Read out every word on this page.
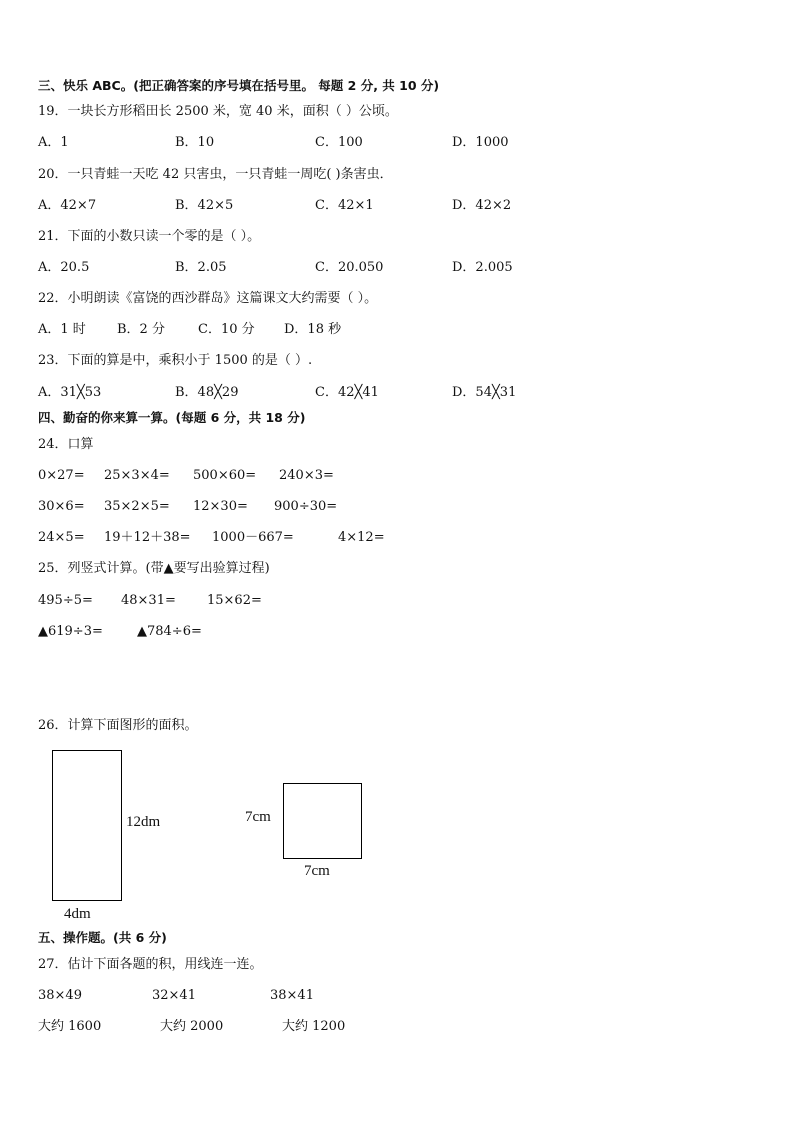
三、快乐 ABC。(把正确答案的序号填在括号里。 每题 2 分, 共 10 分)
19．一块长方形稻田长 2500 米，宽 40 米，面积（ ）公顷。
A．1	B．10	C．100	D．1000
20．一只青蛙一天吃 42 只害虫，一只青蛙一周吃( )条害虫．
A．42×7	B．42×5	C．42×1	D．42×2
21．下面的小数只读一个零的是（ ）。
A．20.5	B．2.05	C．20.050	D．2.005
22．小明朗读《富饶的西沙群岛》这篇课文大约需要（ ）。
A．1 时 B．2 分	C．10 分 D．18 秒
23．下面的算是中，乘积小于 1500 的是（ ）.
A．31╳53	B．48╳29	C．42╳41	D．54╳31
四、勤奋的你来算一算。(每题 6 分，共 18 分)
24．口算
0×27= 25×3×4= 500×60= 240×3=
30×6= 35×2×5= 12×30= 900÷30=
24×5= 19＋12＋38= 1000－667=	4×12=
25．列竖式计算。(带▲要写出验算过程)
495÷5= 48×31= 15×62=
▲619÷3=	▲784÷6=
26．计算下面图形的面积。
12dm
4dm
7cm
7cm
五、操作题。(共 6 分)
27．估计下面各题的积，用线连一连。
38×49	32×41	38×41
大约 1600	大约 2000	大约 1200
